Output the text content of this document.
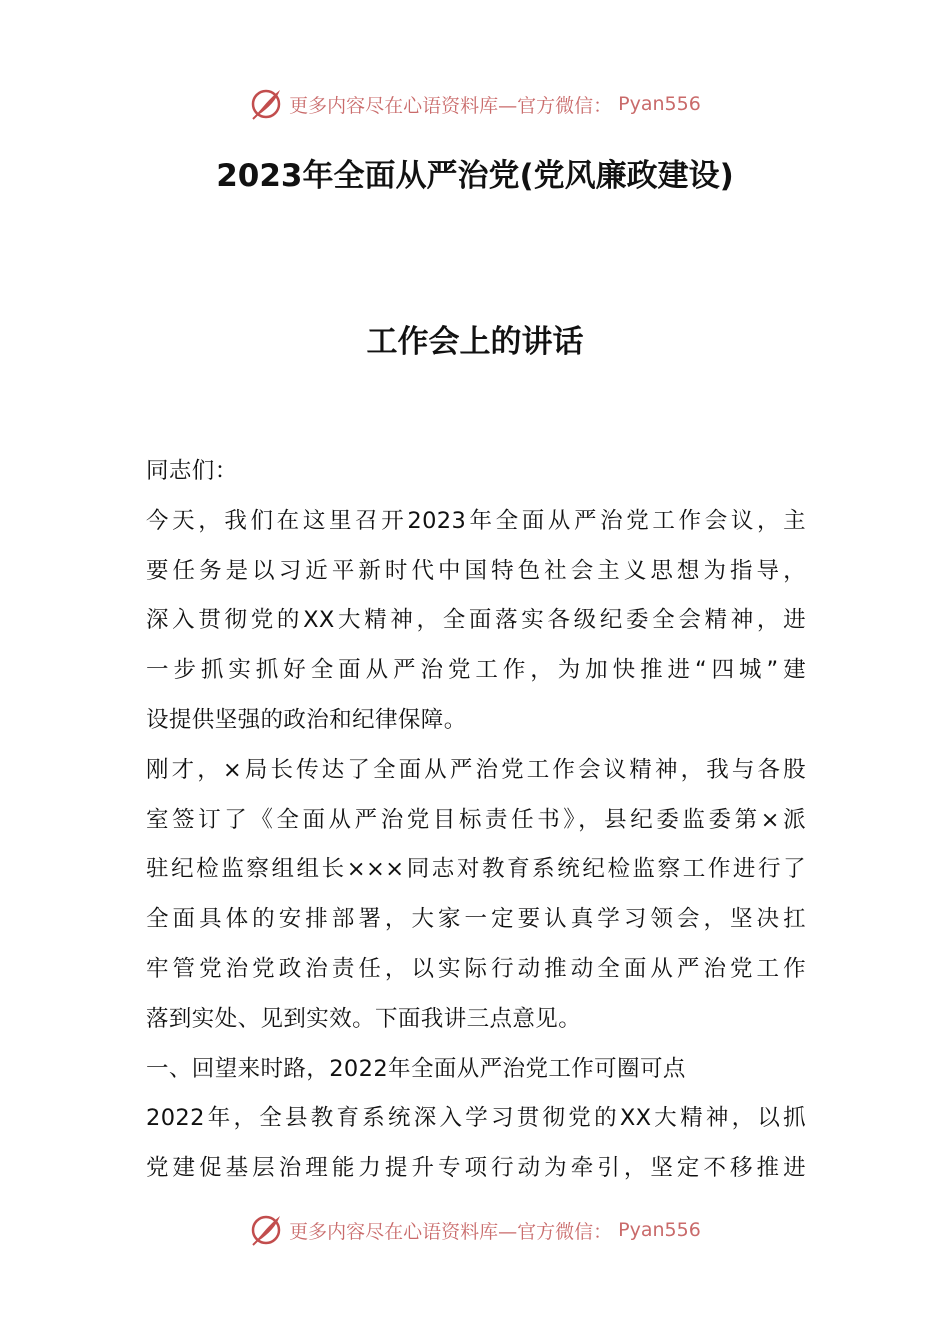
更多内容尽在心语资料库—官方微信： Pyan556
2023年全面从严治党(党风廉政建设)
工作会上的讲话
同志们：
今天，我们在这里召开2023年全面从严治党工作会议，主
要任务是以习近平新时代中国特色社会主义思想为指导，
深入贯彻党的XX大精神，全面落实各级纪委全会精神，进
一步抓实抓好全面从严治党工作，为加快推进“四城”建
设提供坚强的政治和纪律保障。
刚才，×局长传达了全面从严治党工作会议精神，我与各股
室签订了《全面从严治党目标责任书》，县纪委监委第×派
驻纪检监察组组长×××同志对教育系统纪检监察工作进行了
全面具体的安排部署，大家一定要认真学习领会，坚决扛
牢管党治党政治责任，以实际行动推动全面从严治党工作
落到实处、见到实效。下面我讲三点意见。
一、回望来时路，2022年全面从严治党工作可圈可点
2022年，全县教育系统深入学习贯彻党的XX大精神，以抓
党建促基层治理能力提升专项行动为牵引，坚定不移推进
更多内容尽在心语资料库—官方微信： Pyan556
